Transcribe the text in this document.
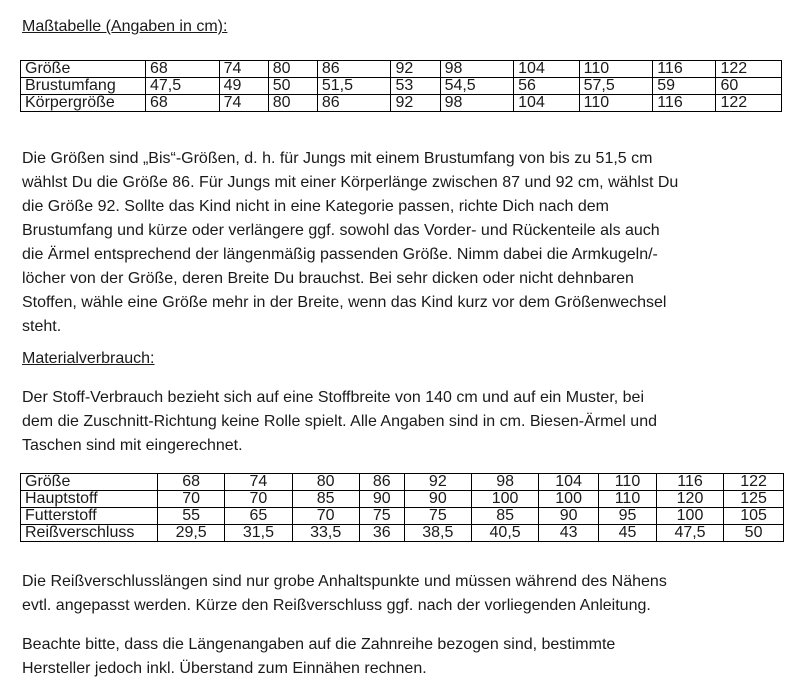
Maßtabelle (Angaben in cm):
Größe	68	74	80	86	92	98	104	110	116	122
Brustumfang	47,5	49	50	51,5	53	54,5	56	57,5	59	60
Körpergröße	68	74	80	86	92	98	104	110	116	122

Die Größen sind „Bis“-Größen, d. h. für Jungs mit einem Brustumfang von bis zu 51,5 cm
wählst Du die Größe 86. Für Jungs mit einer Körperlänge zwischen 87 und 92 cm, wählst Du
die Größe 92. Sollte das Kind nicht in eine Kategorie passen, richte Dich nach dem
Brustumfang und kürze oder verlängere ggf. sowohl das Vorder- und Rückenteile als auch
die Ärmel entsprechend der längenmäßig passenden Größe. Nimm dabei die Armkugeln/-
löcher von der Größe, deren Breite Du brauchst. Bei sehr dicken oder nicht dehnbaren
Stoffen, wähle eine Größe mehr in der Breite, wenn das Kind kurz vor dem Größenwechsel
steht.

Materialverbrauch:

Der Stoff-Verbrauch bezieht sich auf eine Stoffbreite von 140 cm und auf ein Muster, bei
dem die Zuschnitt-Richtung keine Rolle spielt. Alle Angaben sind in cm. Biesen-Ärmel und
Taschen sind mit eingerechnet.

Größe	68	74	80	86	92	98	104	110	116	122
Hauptstoff	70	70	85	90	90	100	100	110	120	125
Futterstoff	55	65	70	75	75	85	90	95	100	105
Reißverschluss	29,5	31,5	33,5	36	38,5	40,5	43	45	47,5	50

Die Reißverschlusslängen sind nur grobe Anhaltspunkte und müssen während des Nähens
evtl. angepasst werden. Kürze den Reißverschluss ggf. nach der vorliegenden Anleitung.

Beachte bitte, dass die Längenangaben auf die Zahnreihe bezogen sind, bestimmte
Hersteller jedoch inkl. Überstand zum Einnähen rechnen.
